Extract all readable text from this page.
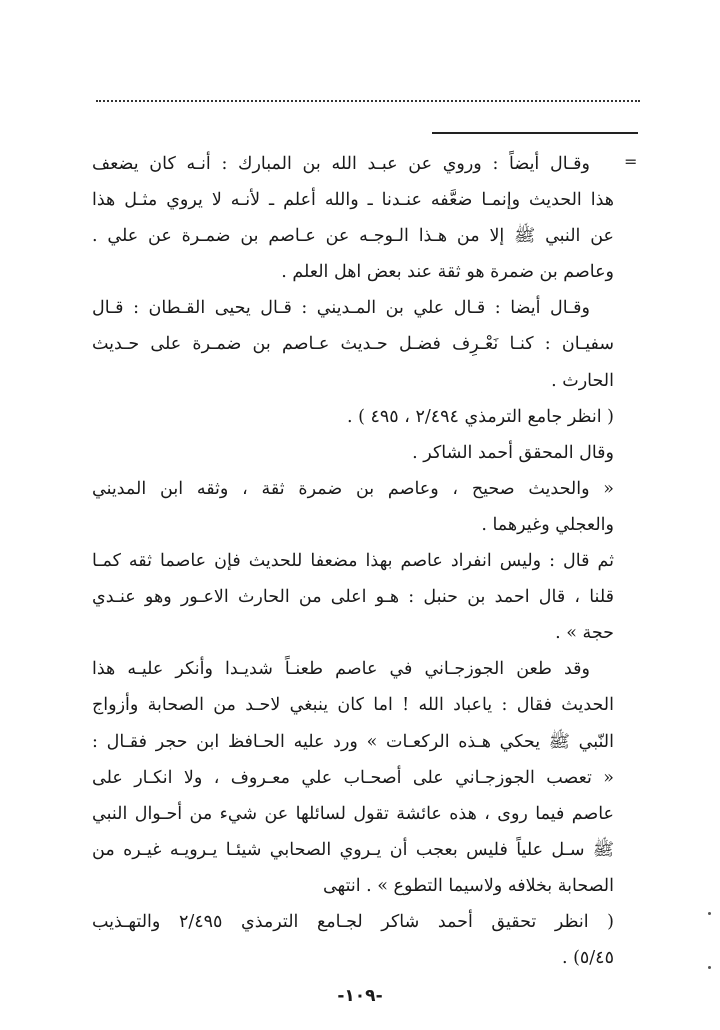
=
وقـال أيضاً : وروي عن عبـد الله بن المبارك : أنـه كان يضعف
هذا الحديث وإنمـا ضعَّفه عنـدنا ـ والله أعلم ـ لأنـه لا يروي مثـل هذا
عن النبي ﷺ إلا من هـذا الـوجـه عن عـاصم بن ضمـرة عن علي .
وعاصم بن ضمرة هو ثقة عند بعض اهل العلم .
وقـال أيضا : قـال علي بن المـديني : قـال يحيى القـطان : قـال
سفيـان : كنـا نَعْـرِف فضـل حـديث عـاصم بن ضمـرة على حـديث
الحارث .
( انظر جامع الترمذي ٢/٤٩٤ ، ٤٩٥ ) .
وقال المحقق أحمد الشاكر .
« والحديث صحيح ، وعاصم بن ضمرة ثقة ، وثقه ابن المديني
والعجلي وغيرهما .
ثم قال : وليس انفراد عاصم بهذا مضعفا للحديث فإن عاصما ثقه كمـا
قلنا ، قال احمد بن حنبل : هـو اعلى من الحارث الاعـور وهو عنـدي
حجة » .
وقد طعن الجوزجـاني في عاصم طعنـاً شديـدا وأنكر عليـه هذا
الحديث فقال : ياعباد الله ! اما كان ينبغي لاحـد من الصحابة وأزواج
النّبي ﷺ يحكي هـذه الركعـات » ورد عليه الحـافظ ابن حجر فقـال :
« تعصب الجوزجـاني على أصحـاب علي معـروف ، ولا انكـار على
عاصم فيما روى ، هذه عائشة تقول لسائلها عن شيء من أحـوال النبي
ﷺ سـل علياً فليس بعجب أن يـروي الصحابي شيئـا يـرويـه غيـره من
الصحابة بخلافه ولاسيما التطوع » . انتهى
( انظر تحقيق أحمد شاكر لجـامع الترمذي ٢/٤٩٥ والتهـذيب
٥/٤٥) .
-١٠٩-
